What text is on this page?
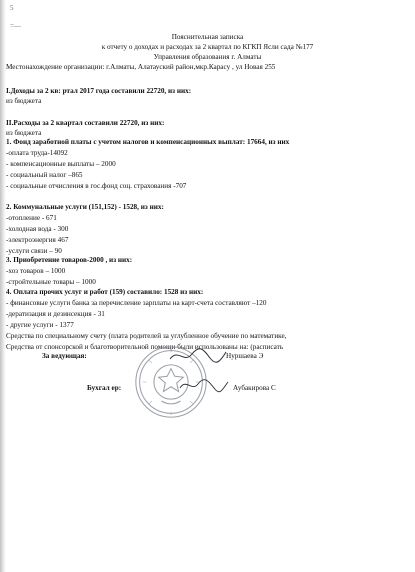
5
=—
Пояснительная записка
к отчету о доходах и расходах за 2 квартал по КГКП Ясли сада №177
Управления образования г. Алматы
Местонахождение организации: г.Алматы, Алатауский район,мкр.Карасу , ул Новая 255
I.Доходы за 2 кв: ртал 2017 года составили 22720, из них:
из бюджета
II.Расходы за 2 квартал составили 22720, из них:
из бюджета
1. Фонд заработной платы с учетом налогов и компенсационных выплат: 17664, из них
-оплата труда-14092
- компенсационные выплаты – 2000
- социальный налог –865
- социальные отчисления в гос.фонд соц. страхования -707
2. Коммунальные услуги (151,152) - 1528, из них:
-отопление - 671
-холодная вода - 300
-электроэнергия 467
-услуги связи – 90
3. Приобретение товаров-2000 , из них:
-хоз товаров – 1000
-стройтельные товары – 1000
4. Оплата прочих услуг и работ (159) составило: 1528 из них:
- финансовые услуги банка за перечисление зарплаты на карт-счета составляют –120
-дератизация и дезинсекция - 31
- другие услуги - 1377
Средства по специальному счету (плата родителей за углубленное обучение по математике,
Средства от спонсорской и благотворительной помощи были использованы на: (расписать
За ведующая:	Нуршаева Э
Бухгал ер:	Аубакирова С
